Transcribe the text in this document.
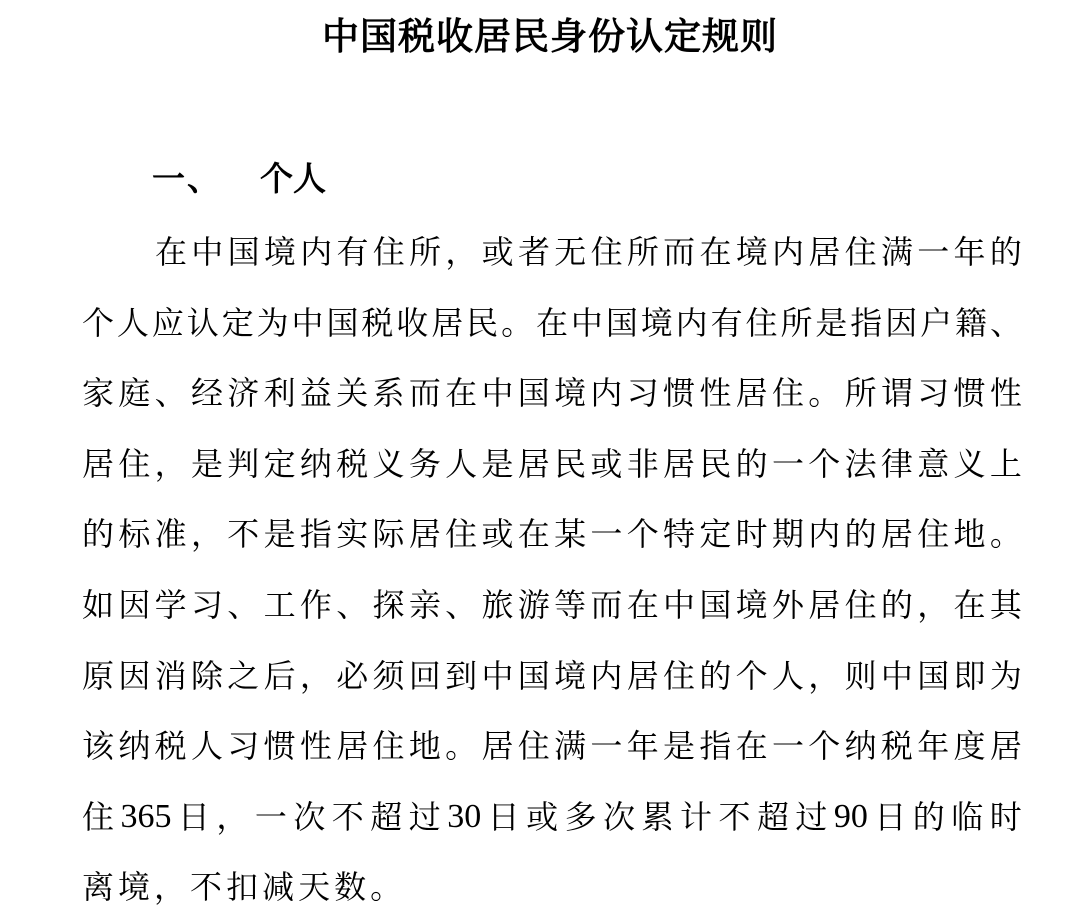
中国税收居民身份认定规则
一、 个人
在 中 国 境 内 有 住 所 ， 或 者 无 住 所 而 在 境 内 居 住 满 一 年 的
个 人 应 认 定 为 中 国 税 收 居 民 。 在 中 国 境 内 有 住 所 是 指 因 户 籍 、
家 庭 、 经 济 利 益 关 系 而 在 中 国 境 内 习 惯 性 居 住 。 所 谓 习 惯 性
居 住 ， 是 判 定 纳 税 义 务 人 是 居 民 或 非 居 民 的 一 个 法 律 意 义 上
的 标 准 ， 不 是 指 实 际 居 住 或 在 某 一 个 特 定 时 期 内 的 居 住 地 。
如 因 学 习 、 工 作 、 探 亲 、 旅 游 等 而 在 中 国 境 外 居 住 的 ， 在 其
原 因 消 除 之 后 ， 必 须 回 到 中 国 境 内 居 住 的 个 人 ， 则 中 国 即 为
该 纳 税 人 习 惯 性 居 住 地 。 居 住 满 一 年 是 指 在 一 个 纳 税 年 度 居
住 365 日 ， 一 次 不 超 过 30 日 或 多 次 累 计 不 超 过 90 日 的 临 时
离 境 ， 不 扣 减 天 数 。
